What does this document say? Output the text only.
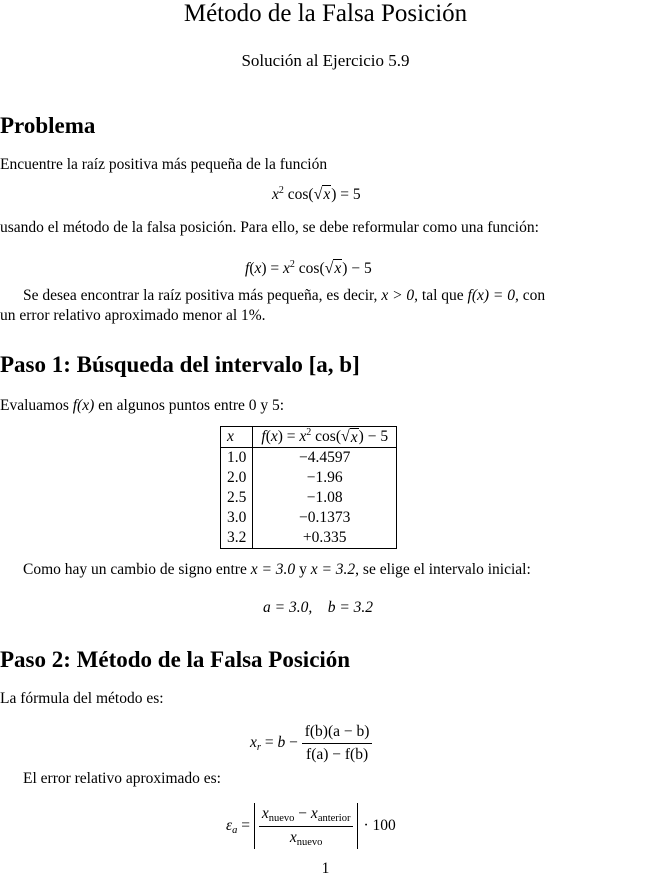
Método de la Falsa Posición
Solución al Ejercicio 5.9
Problema
Encuentre la raíz positiva más pequeña de la función
$x^2$ cos(√x) = 5
usando el método de la falsa posición. Para ello, se debe reformular como una función:
$f(x) = x^2$ cos(√x) − 5
Se desea encontrar la raíz positiva más pequeña, es decir, x > 0, tal que f(x) = 0, con
un error relativo aproximado menor al 1%.
Paso 1: Búsqueda del intervalo [a, b]
Evaluamos f(x) en algunos puntos entre 0 y 5:
x	$f(x) = x^2$ cos(√x) − 5
1.0	−4.4597
2.0	−1.96
2.5	−1.08
3.0	−0.1373
3.2	+0.335
Como hay un cambio de signo entre x = 3.0 y x = 3.2, se elige el intervalo inicial:
a = 3.0,    b = 3.2
Paso 2: Método de la Falsa Posición
La fórmula del método es:
$x_r = b - \frac{f(b)(a - b)}{f(a) - f(b)}$
El error relativo aproximado es:
$\varepsilon_a = \frac{x_{nuevo} - x_{anterior}}{x_{nuevo}} \cdot 100$
1
